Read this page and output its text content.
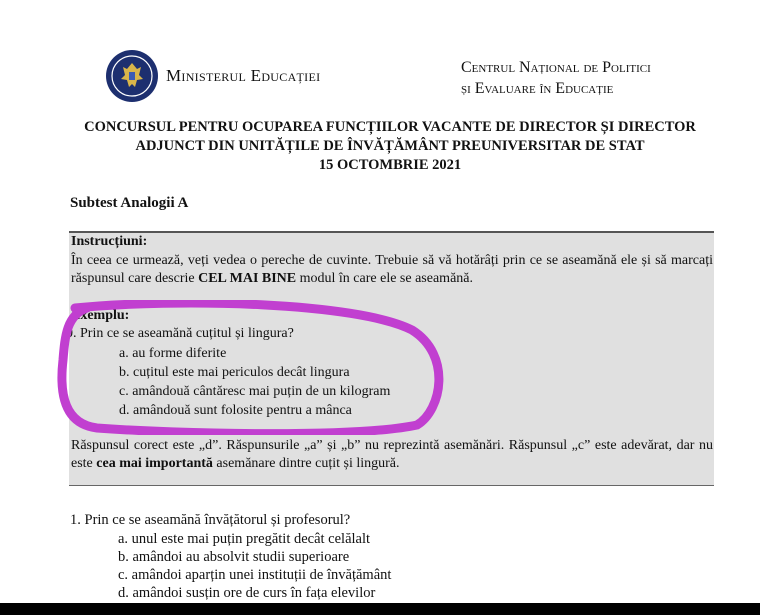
Ministerul Educației	Centrul Național de Politici
și Evaluare în Educație
CONCURSUL PENTRU OCUPAREA FUNCȚIILOR VACANTE DE DIRECTOR ȘI DIRECTOR
ADJUNCT DIN UNITĂȚILE DE ÎNVĂȚĂMÂNT PREUNIVERSITAR DE STAT
15 OCTOMBRIE 2021
Subtest Analogii A
Instrucțiuni:
În ceea ce urmează, veți vedea o pereche de cuvinte. Trebuie să vă hotărâți prin ce se aseamănă ele și să marcați răspunsul care descrie CEL MAI BINE modul în care ele se aseamănă.
Exemplu:
0. Prin ce se aseamănă cuțitul și lingura?
a. au forme diferite
b. cuțitul este mai periculos decât lingura
c. amândouă cântăresc mai puțin de un kilogram
d. amândouă sunt folosite pentru a mânca
Răspunsul corect este „d”. Răspunsurile „a” și „b” nu reprezintă asemănări. Răspunsul „c” este adevărat, dar nu este cea mai importantă asemănare dintre cuțit și lingură.
1. Prin ce se aseamănă învățătorul și profesorul?
a. unul este mai puțin pregătit decât celălalt
b. amândoi au absolvit studii superioare
c. amândoi aparțin unei instituții de învățământ
d. amândoi susțin ore de curs în fața elevilor
